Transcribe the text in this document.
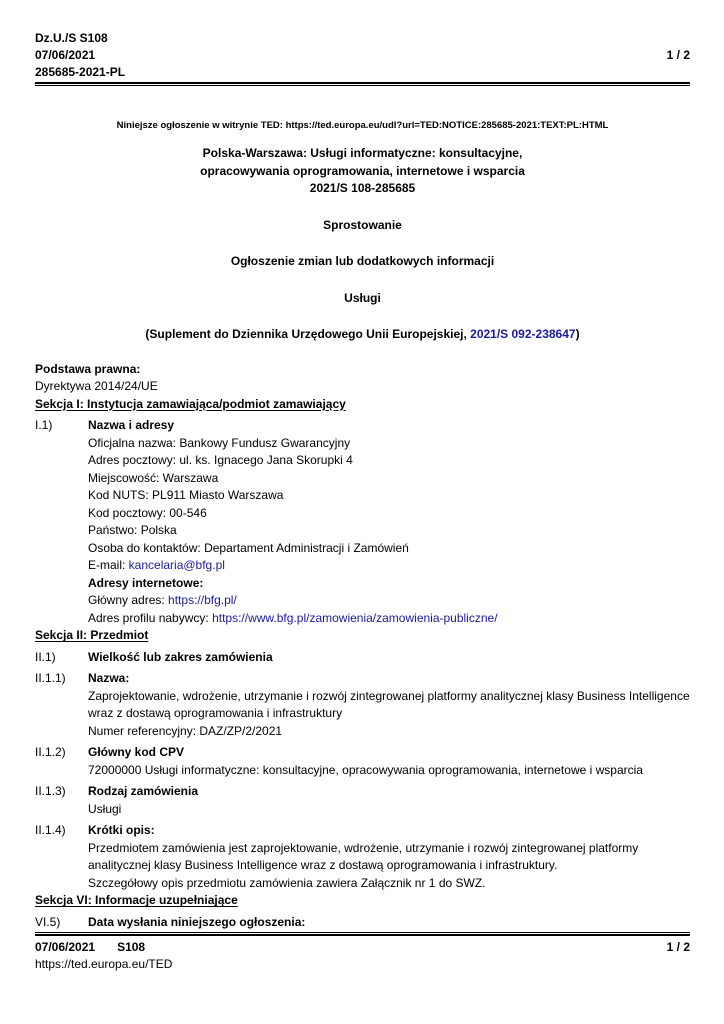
Dz.U./S S108
07/06/2021
285685-2021-PL
1 / 2
Niniejsze ogłoszenie w witrynie TED: https://ted.europa.eu/udl?url=TED:NOTICE:285685-2021:TEXT:PL:HTML
Polska-Warszawa: Usługi informatyczne: konsultacyjne,
opracowywania oprogramowania, internetowe i wsparcia
2021/S 108-285685
Sprostowanie
Ogłoszenie zmian lub dodatkowych informacji
Usługi
(Suplement do Dziennika Urzędowego Unii Europejskiej, 2021/S 092-238647)
Podstawa prawna:
Dyrektywa 2014/24/UE
Sekcja I: Instytucja zamawiająca/podmiot zamawiający
I.1)	Nazwa i adresy
Oficjalna nazwa: Bankowy Fundusz Gwarancyjny
Adres pocztowy: ul. ks. Ignacego Jana Skorupki 4
Miejscowość: Warszawa
Kod NUTS: PL911 Miasto Warszawa
Kod pocztowy: 00-546
Państwo: Polska
Osoba do kontaktów: Departament Administracji i Zamówień
E-mail: kancelaria@bfg.pl
Adresy internetowe:
Główny adres: https://bfg.pl/
Adres profilu nabywcy: https://www.bfg.pl/zamowienia/zamowienia-publiczne/
Sekcja II: Przedmiot
II.1)	Wielkość lub zakres zamówienia
II.1.1)	Nazwa:
Zaprojektowanie, wdrożenie, utrzymanie i rozwój zintegrowanej platformy analitycznej klasy Business Intelligence wraz z dostawą oprogramowania i infrastruktury
Numer referencyjny: DAZ/ZP/2/2021
II.1.2)	Główny kod CPV
72000000 Usługi informatyczne: konsultacyjne, opracowywania oprogramowania, internetowe i wsparcia
II.1.3)	Rodzaj zamówienia
Usługi
II.1.4)	Krótki opis:
Przedmiotem zamówienia jest zaprojektowanie, wdrożenie, utrzymanie i rozwój zintegrowanej platformy analitycznej klasy Business Intelligence wraz z dostawą oprogramowania i infrastruktury.
Szczegółowy opis przedmiotu zamówienia zawiera Załącznik nr 1 do SWZ.
Sekcja VI: Informacje uzupełniające
VI.5)	Data wysłania niniejszego ogłoszenia:
07/06/2021 S108	1 / 2
https://ted.europa.eu/TED
